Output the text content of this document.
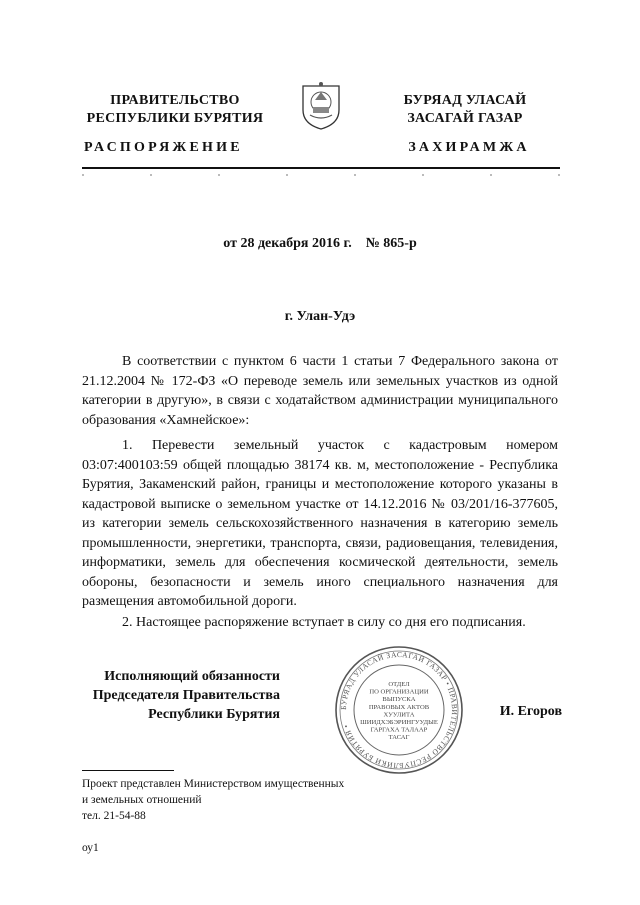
ПРАВИТЕЛЬСТВО
РЕСПУБЛИКИ БУРЯТИЯ
БУРЯАД УЛАСАЙ
ЗАСАГАЙ ГАЗАР
РАСПОРЯЖЕНИЕ	ЗАХИРАМЖА
от 28 декабря 2016 г.    № 865-р
г. Улан-Удэ

В соответствии с пунктом 6 части 1 статьи 7 Федерального закона от 21.12.2004 № 172-ФЗ «О переводе земель или земельных участков из одной категории в другую», в связи с ходатайством администрации муниципального образования «Хамнейское»:

1. Перевести земельный участок с кадастровым номером 03:07:400103:59 общей площадью 38174 кв. м, местоположение - Республика Бурятия, Закаменский район, границы и местоположение которого указаны в кадастровой выписке о земельном участке от 14.12.2016 № 03/201/16-377605, из категории земель сельскохозяйственного назначения в категорию земель промышленности, энергетики, транспорта, связи, радиовещания, телевидения, информатики, земель для обеспечения космической деятельности, земель обороны, безопасности и земель иного специального назначения для размещения автомобильной дороги.

2. Настоящее распоряжение вступает в силу со дня его подписания.

Исполняющий обязанности
Председателя Правительства
Республики Бурятия	БУРЯАД УЛАСАЙ ЗАСАГАЙ ГАЗАР • ПРАВИТЕЛЬСТВО РЕСПУБЛИКИ БУРЯТИЯ •
ОТДЕЛ
ПО ОРГАНИЗАЦИИ
ВЫПУСКА
ПРАВОВЫХ АКТОВ
ХУУЛИТА
ШИИДХЭБЭРИНГУУДЫЕ
ГАРГАХА ТАЛААР
ТАСАГ
И. Егоров
Проект представлен Министерством имущественных
и земельных отношений
тел. 21-54-88
оу1
